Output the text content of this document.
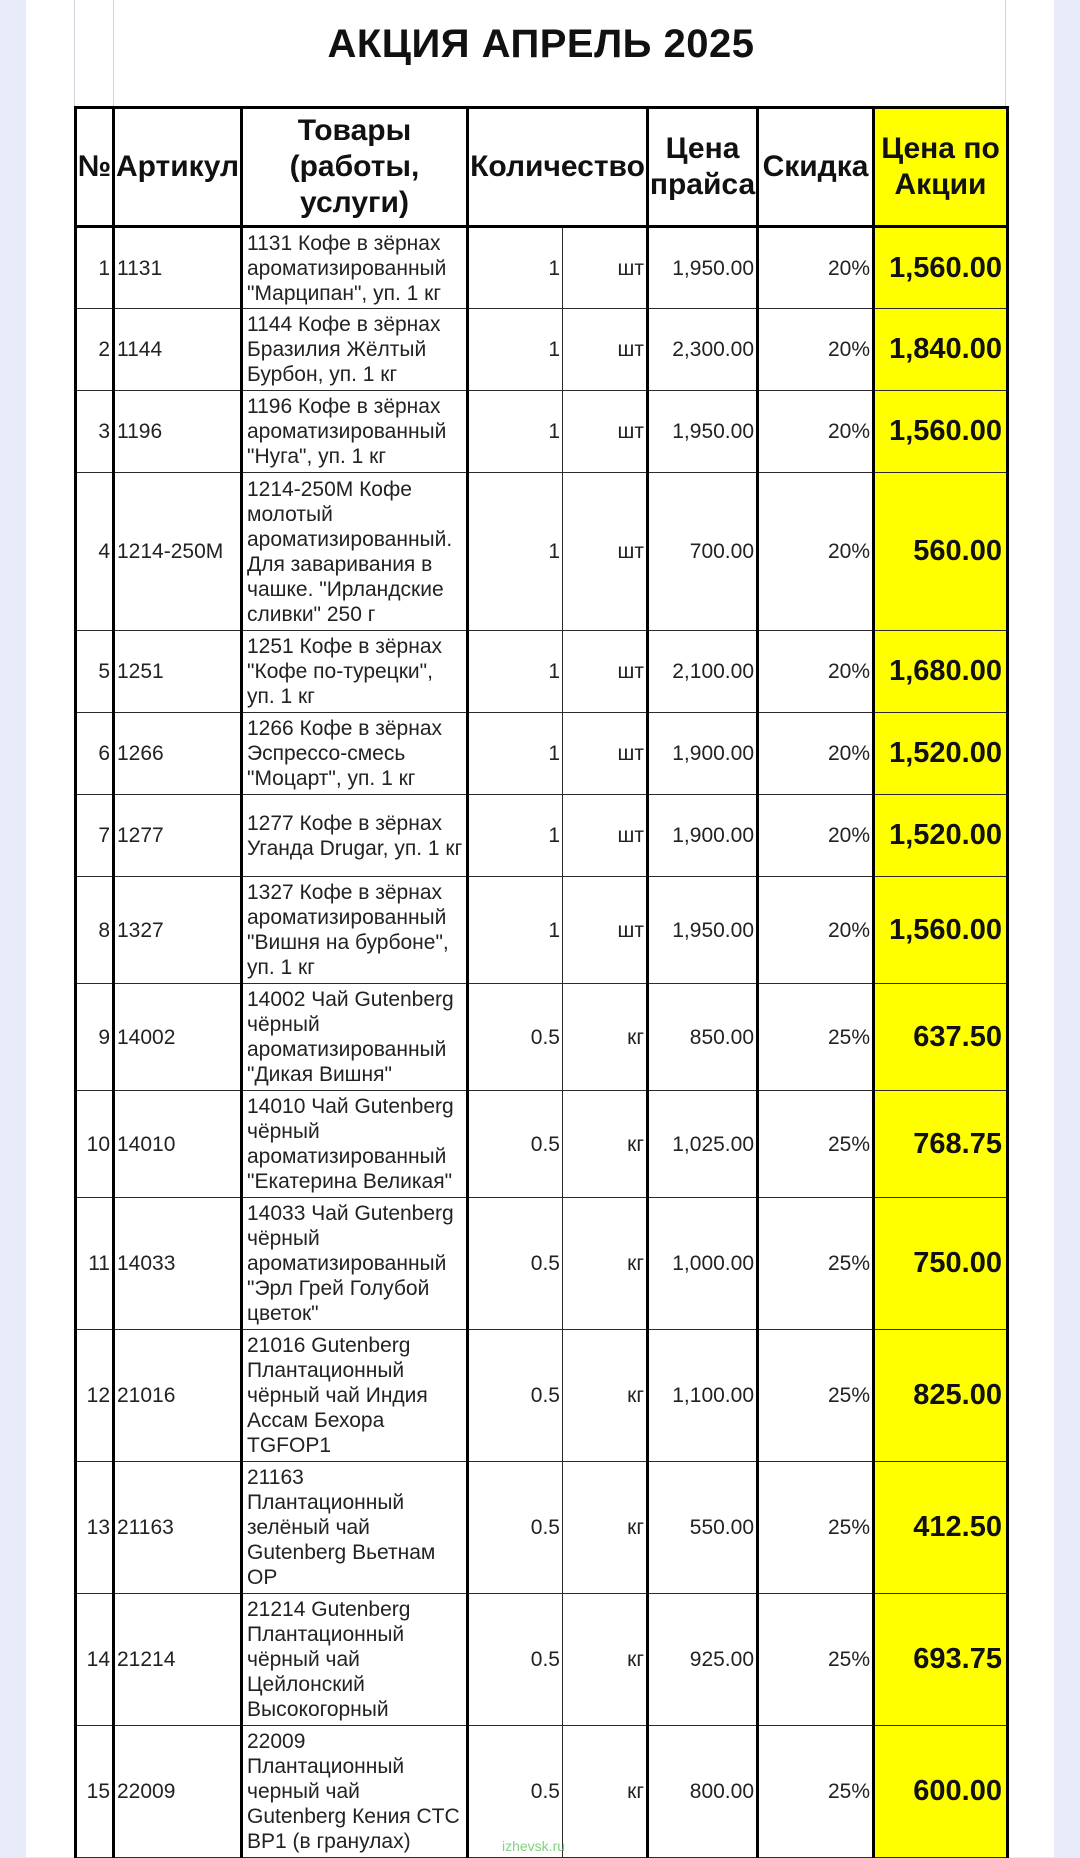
АКЦИЯ АПРЕЛЬ 2025
№	Артикул	Товары (работы, услуги)	Количество		Цена прайса	Скидка	Цена по Акции
1	1131	1131 Кофе в зёрнах ароматизированный "Марципан", уп. 1 кг	1	шт	1,950.00	20%	1,560.00
2	1144	1144 Кофе в зёрнах Бразилия Жёлтый Бурбон, уп. 1 кг	1	шт	2,300.00	20%	1,840.00
3	1196	1196 Кофе в зёрнах ароматизированный "Нуга", уп. 1 кг	1	шт	1,950.00	20%	1,560.00
4	1214-250M	1214-250M Кофе молотый ароматизированный. Для заваривания в чашке. "Ирландские сливки" 250 г	1	шт	700.00	20%	560.00
5	1251	1251 Кофе в зёрнах "Кофе по-турецки", уп. 1 кг	1	шт	2,100.00	20%	1,680.00
6	1266	1266 Кофе в зёрнах Эспрессо-смесь "Моцарт", уп. 1 кг	1	шт	1,900.00	20%	1,520.00
7	1277	1277 Кофе в зёрнах Уганда Drugar, уп. 1 кг	1	шт	1,900.00	20%	1,520.00
8	1327	1327 Кофе в зёрнах ароматизированный "Вишня на бурбоне", уп. 1 кг	1	шт	1,950.00	20%	1,560.00
9	14002	14002 Чай Gutenberg чёрный ароматизированный "Дикая Вишня"	0.5	кг	850.00	25%	637.50
10	14010	14010 Чай Gutenberg чёрный ароматизированный "Екатерина Великая"	0.5	кг	1,025.00	25%	768.75
11	14033	14033 Чай Gutenberg чёрный ароматизированный "Эрл Грей Голубой цветок"	0.5	кг	1,000.00	25%	750.00
12	21016	21016 Gutenberg Плантационный чёрный чай Индия Ассам Бехора TGFOP1	0.5	кг	1,100.00	25%	825.00
13	21163	21163 Плантационный зелёный чай Gutenberg Вьетнам OP	0.5	кг	550.00	25%	412.50
14	21214	21214 Gutenberg Плантационный чёрный чай Цейлонский Высокогорный	0.5	кг	925.00	25%	693.75
15	22009	22009 Плантационный черный чай Gutenberg Кения CTC BP1 (в гранулах)	0.5	кг	800.00	25%	600.00
izhevsk.ru
